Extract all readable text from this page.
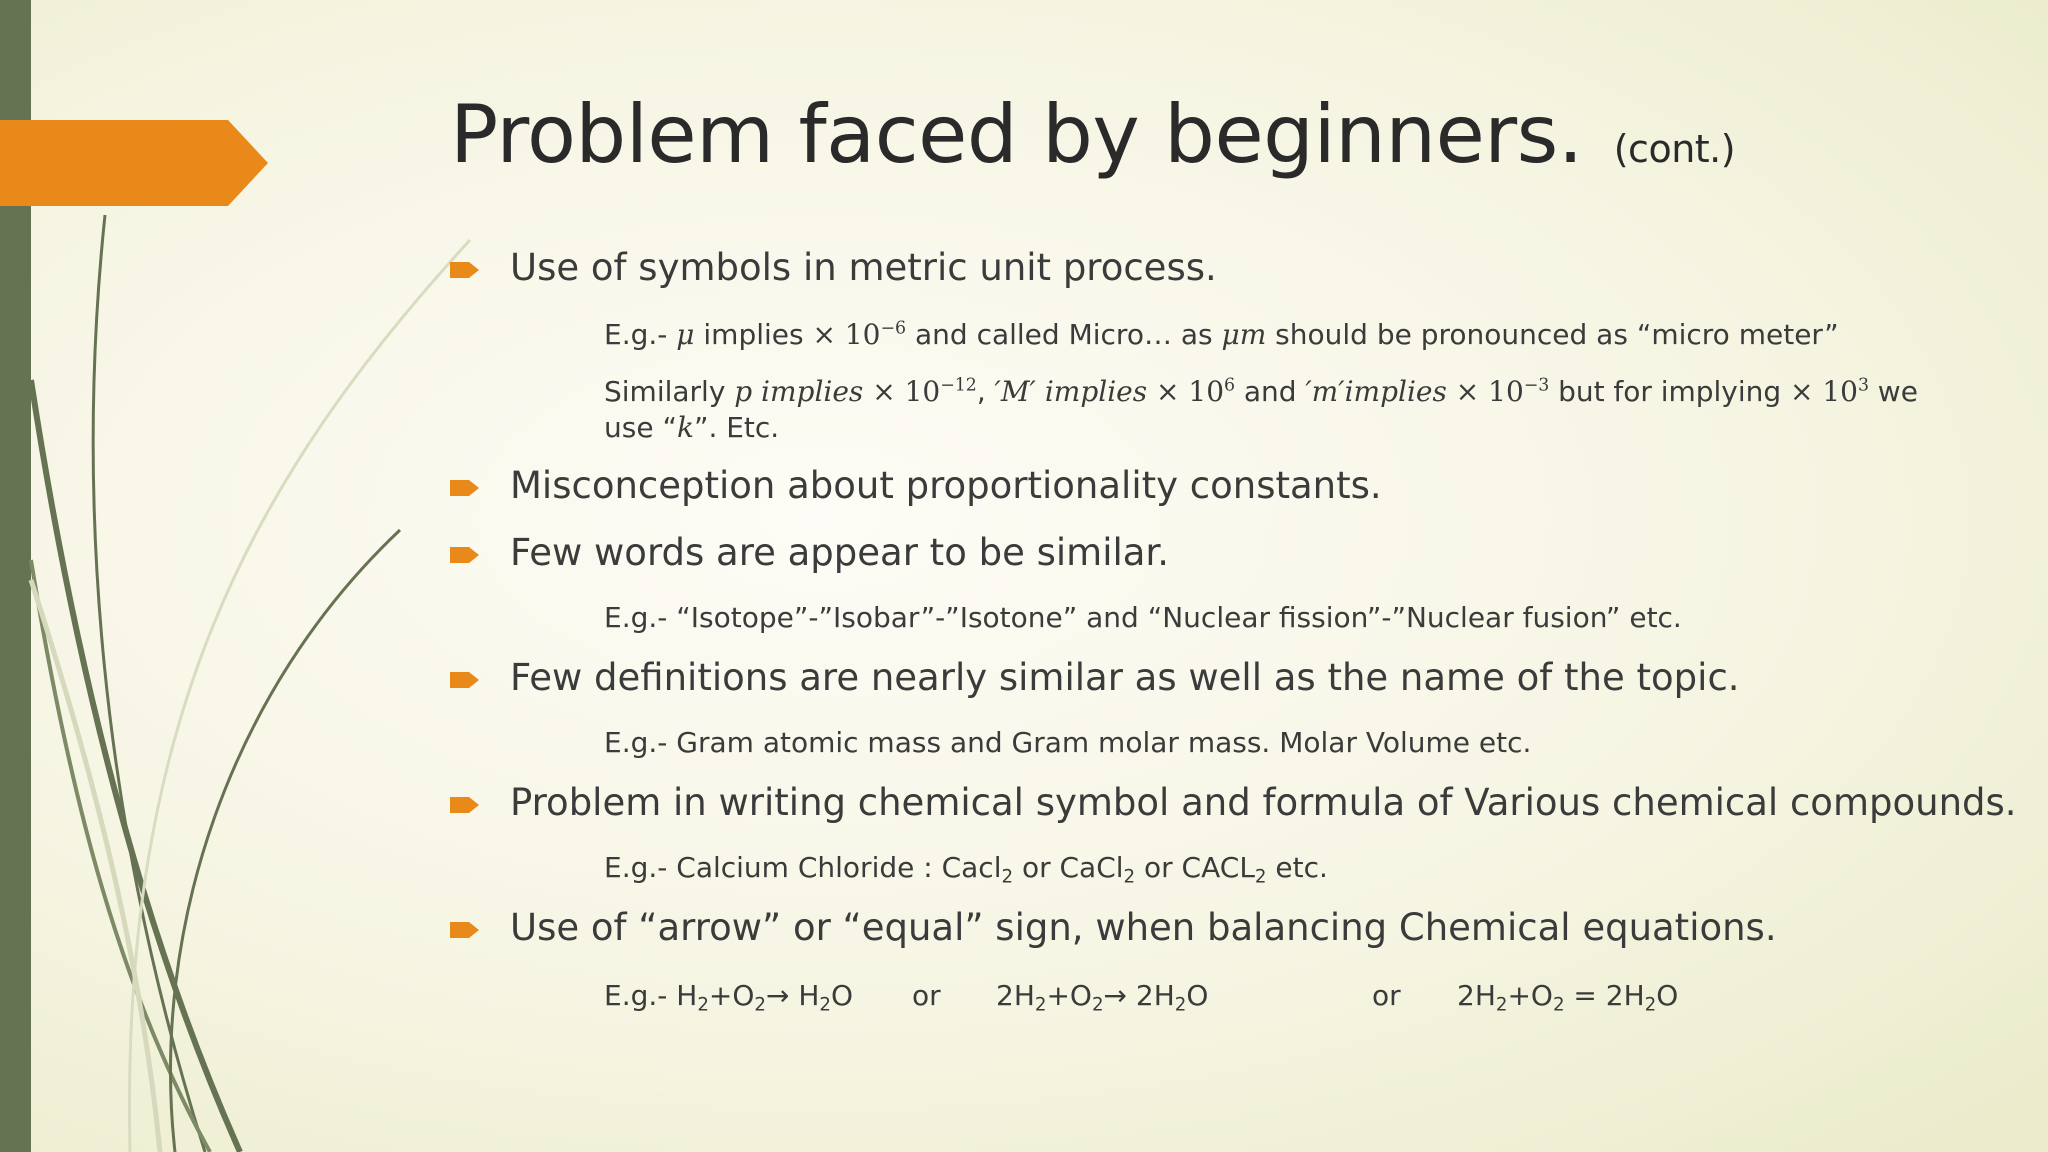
Problem faced by beginners. (cont.)
Use of symbols in metric unit process.
E.g.- μ implies × $10^{-6}$ and called Micro… as μm should be pronounced as “micro meter”
Similarly p implies × $10^{-12}$, ′M′ implies × $10^6$ and ′m′implies × $10^{-3}$ but for implying × $10^3$ we
use “k”. Etc.
Misconception about proportionality constants.
Few words are appear to be similar.
E.g.- “Isotope”-”Isobar”-”Isotone” and “Nuclear fission”-”Nuclear fusion” etc.
Few definitions are nearly similar as well as the name of the topic.
E.g.- Gram atomic mass and Gram molar mass. Molar Volume etc.
Problem in writing chemical symbol and formula of Various chemical compounds.
E.g.- Calcium Chloride : Cacl$_2$ or CaCl$_2$ or $CACL_2$ etc.
Use of “arrow” or “equal” sign, when balancing Chemical equations.
E.g.- $H_2+O_2\to H_2O$ or $2H_2+O_2\to 2H_2O$	or $2H_2+O_2 = 2H_2O$
